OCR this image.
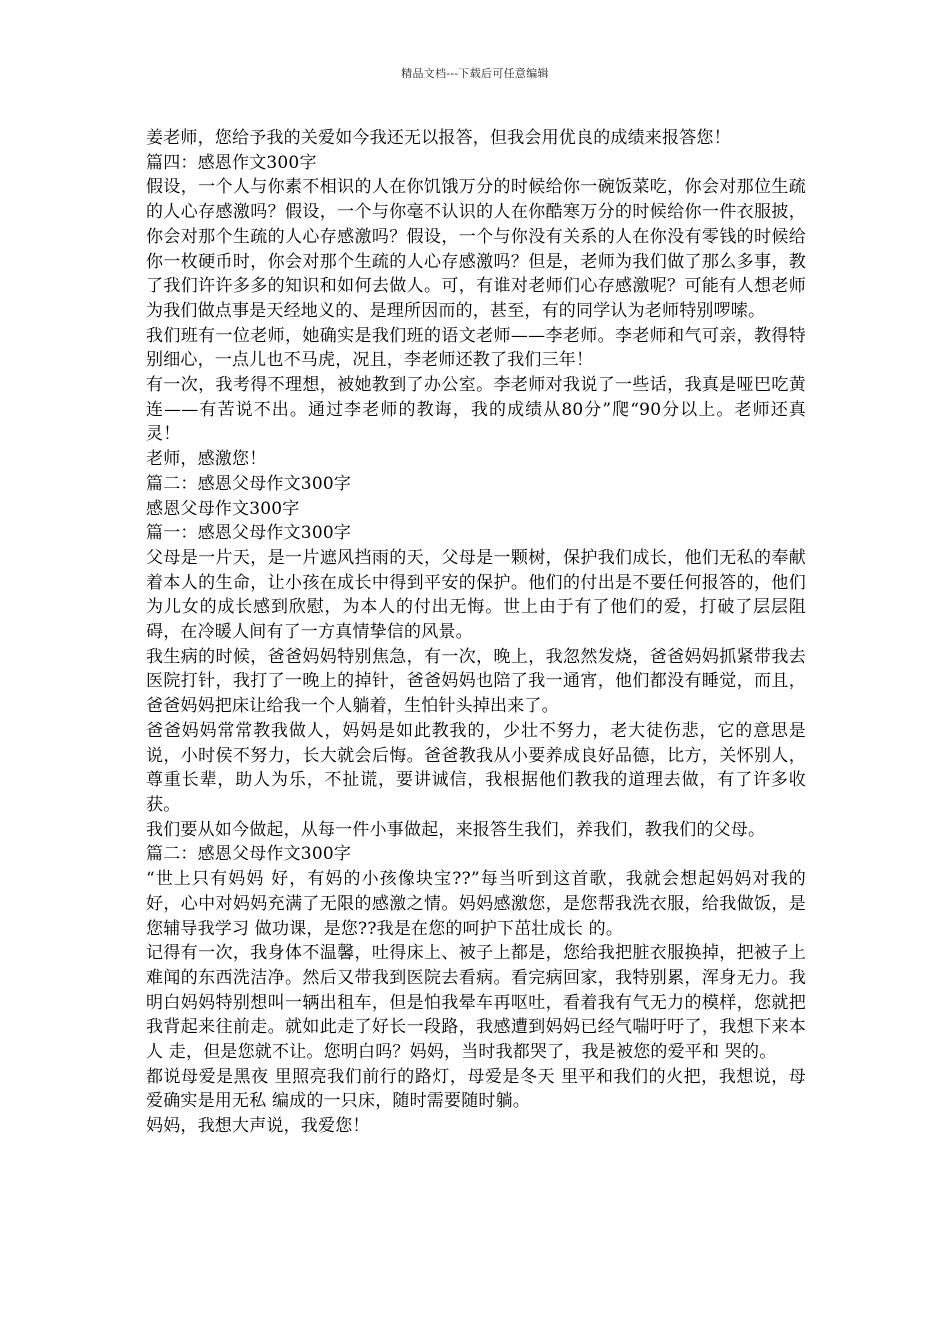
精品文档---下载后可任意编辑

姜老师，您给予我的关爱如今我还无以报答，但我会用优良的成绩来报答您！

篇四：感恩作文300字

假设，一个人与你素不相识的人在你饥饿万分的时候给你一碗饭菜吃，你会对那位生疏的人心存感激吗？假设，一个与你毫不认识的人在你酷寒万分的时候给你一件衣服披，你会对那个生疏的人心存感激吗？假设，一个与你没有关系的人在你没有零钱的时候给你一枚硬币时，你会对那个生疏的人心存感激吗？但是，老师为我们做了那么多事，教了我们许许多多的知识和如何去做人。可，有谁对老师们心存感激呢？可能有人想老师为我们做点事是天经地义的、是理所因而的，甚至，有的同学认为老师特别啰嗦。

我们班有一位老师，她确实是我们班的语文老师——李老师。李老师和气可亲，教得特别细心，一点儿也不马虎，况且，李老师还教了我们三年！

有一次，我考得不理想，被她教到了办公室。李老师对我说了一些话，我真是哑巴吃黄连——有苦说不出。通过李老师的教诲，我的成绩从80分”爬“90分以上。老师还真灵！

老师，感激您！

篇二：感恩父母作文300字

感恩父母作文300字

篇一：感恩父母作文300字

父母是一片天，是一片遮风挡雨的天，父母是一颗树，保护我们成长，他们无私的奉献着本人的生命，让小孩在成长中得到平安的保护。他们的付出是不要任何报答的，他们为儿女的成长感到欣慰，为本人的付出无悔。世上由于有了他们的爱，打破了层层阻碍，在冷暖人间有了一方真情挚信的风景。

我生病的时候，爸爸妈妈特别焦急，有一次，晚上，我忽然发烧，爸爸妈妈抓紧带我去医院打针，我打了一晚上的掉针，爸爸妈妈也陪了我一通宵，他们都没有睡觉，而且，爸爸妈妈把床让给我一个人躺着，生怕针头掉出来了。

爸爸妈妈常常教我做人，妈妈是如此教我的，少壮不努力，老大徒伤悲，它的意思是说，小时侯不努力，长大就会后悔。爸爸教我从小要养成良好品德，比方，关怀别人，尊重长辈，助人为乐，不扯谎，要讲诚信，我根据他们教我的道理去做，有了许多收获。

我们要从如今做起，从每一件小事做起，来报答生我们，养我们，教我们的父母。

篇二：感恩父母作文300字

“世上只有妈妈 好，有妈的小孩像块宝??”每当听到这首歌，我就会想起妈妈对我的好，心中对妈妈充满了无限的感激之情。妈妈感激您，是您帮我洗衣服，给我做饭，是您辅导我学习 做功课，是您??我是在您的呵护下茁壮成长 的。

记得有一次，我身体不温馨，吐得床上、被子上都是，您给我把脏衣服换掉，把被子上难闻的东西洗洁净。然后又带我到医院去看病。看完病回家，我特别累，浑身无力。我明白妈妈特别想叫一辆出租车，但是怕我晕车再呕吐，看着我有气无力的模样，您就把我背起来往前走。就如此走了好长一段路，我感遭到妈妈已经气喘吁吁了，我想下来本人 走，但是您就不让。您明白吗？妈妈，当时我都哭了，我是被您的爱平和 哭的。

都说母爱是黑夜 里照亮我们前行的路灯，母爱是冬天 里平和我们的火把，我想说，母爱确实是用无私 编成的一只床，随时需要随时躺。

妈妈，我想大声说，我爱您！
